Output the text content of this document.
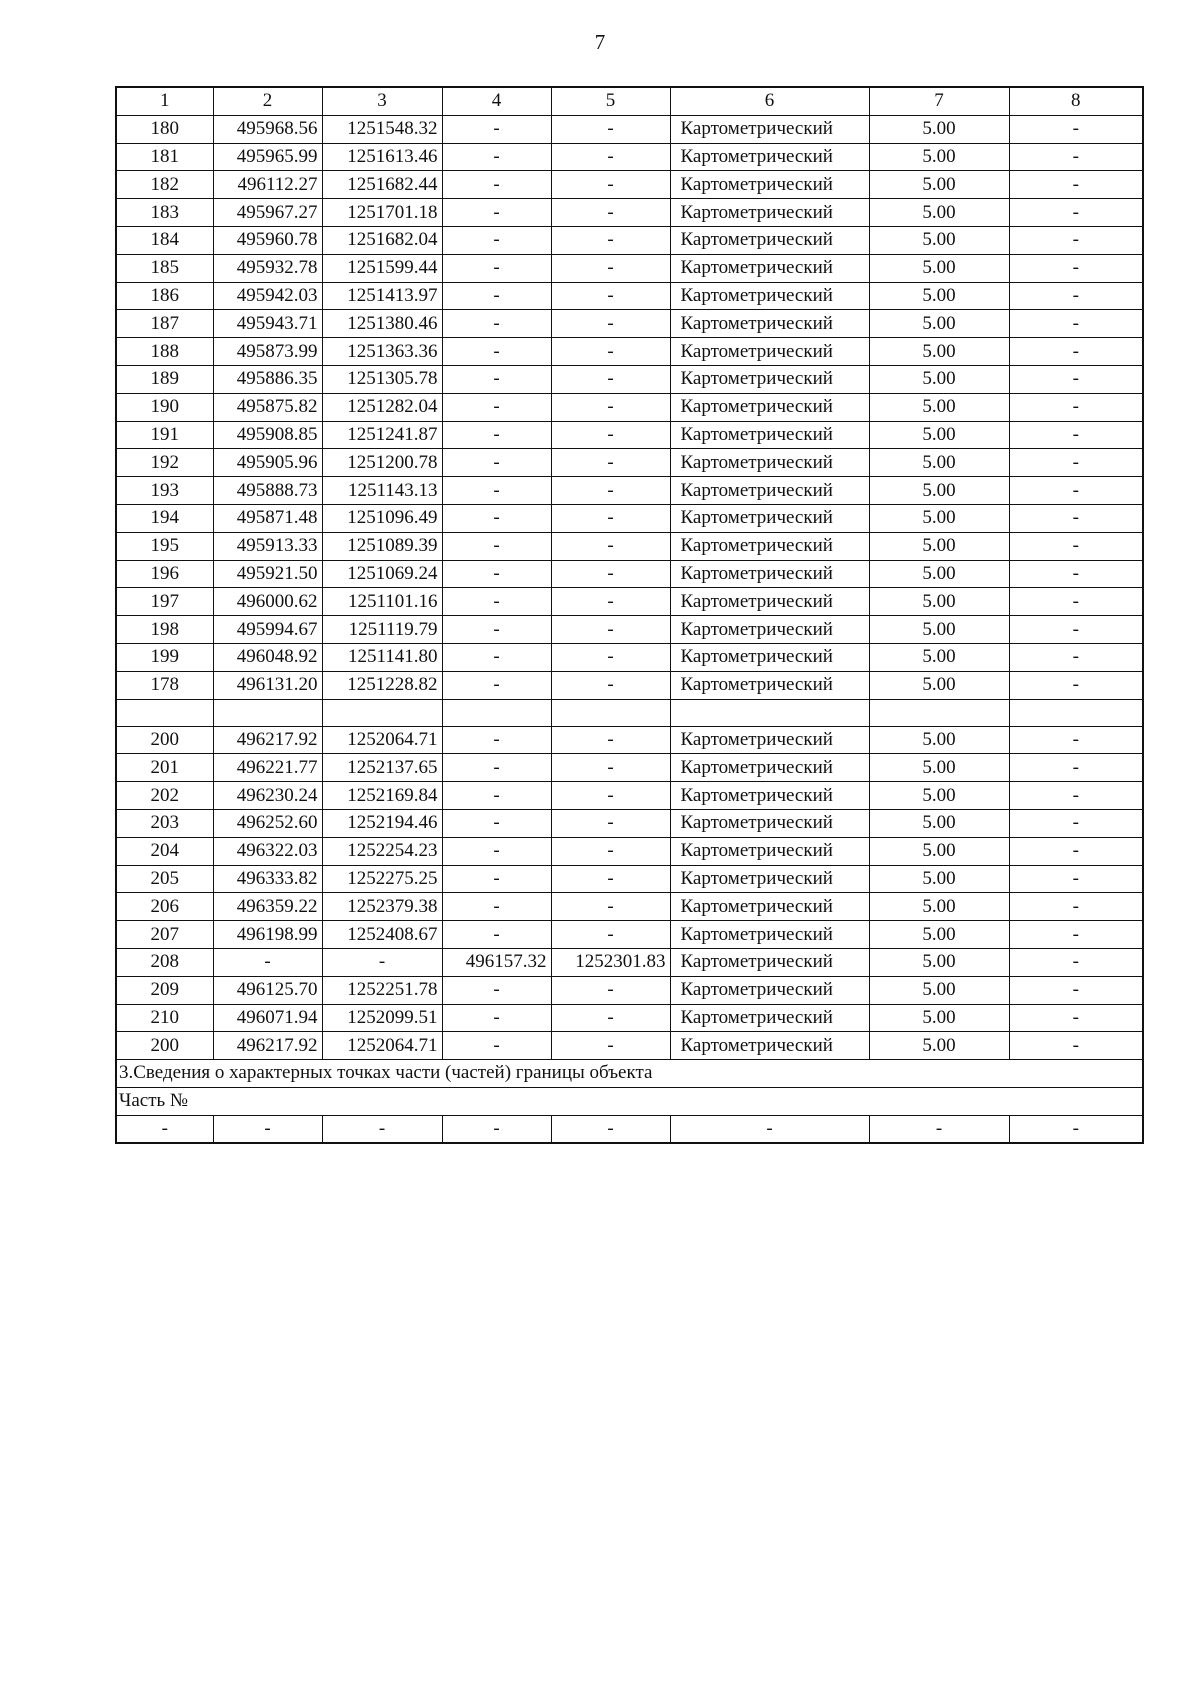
7
1	2	3	4	5	6	7	8
180	495968.56	1251548.32	-	-	Картометрический	5.00	-
181	495965.99	1251613.46	-	-	Картометрический	5.00	-
182	496112.27	1251682.44	-	-	Картометрический	5.00	-
183	495967.27	1251701.18	-	-	Картометрический	5.00	-
184	495960.78	1251682.04	-	-	Картометрический	5.00	-
185	495932.78	1251599.44	-	-	Картометрический	5.00	-
186	495942.03	1251413.97	-	-	Картометрический	5.00	-
187	495943.71	1251380.46	-	-	Картометрический	5.00	-
188	495873.99	1251363.36	-	-	Картометрический	5.00	-
189	495886.35	1251305.78	-	-	Картометрический	5.00	-
190	495875.82	1251282.04	-	-	Картометрический	5.00	-
191	495908.85	1251241.87	-	-	Картометрический	5.00	-
192	495905.96	1251200.78	-	-	Картометрический	5.00	-
193	495888.73	1251143.13	-	-	Картометрический	5.00	-
194	495871.48	1251096.49	-	-	Картометрический	5.00	-
195	495913.33	1251089.39	-	-	Картометрический	5.00	-
196	495921.50	1251069.24	-	-	Картометрический	5.00	-
197	496000.62	1251101.16	-	-	Картометрический	5.00	-
198	495994.67	1251119.79	-	-	Картометрический	5.00	-
199	496048.92	1251141.80	-	-	Картометрический	5.00	-
178	496131.20	1251228.82	-	-	Картометрический	5.00	-

200	496217.92	1252064.71	-	-	Картометрический	5.00	-
201	496221.77	1252137.65	-	-	Картометрический	5.00	-
202	496230.24	1252169.84	-	-	Картометрический	5.00	-
203	496252.60	1252194.46	-	-	Картометрический	5.00	-
204	496322.03	1252254.23	-	-	Картометрический	5.00	-
205	496333.82	1252275.25	-	-	Картометрический	5.00	-
206	496359.22	1252379.38	-	-	Картометрический	5.00	-
207	496198.99	1252408.67	-	-	Картометрический	5.00	-
208	-	-	496157.32	1252301.83	Картометрический	5.00	-
209	496125.70	1252251.78	-	-	Картометрический	5.00	-
210	496071.94	1252099.51	-	-	Картометрический	5.00	-
200	496217.92	1252064.71	-	-	Картометрический	5.00	-
3.Сведения о характерных точках части (частей) границы объекта							
Часть №							
-	-	-	-	-	-	-	-
